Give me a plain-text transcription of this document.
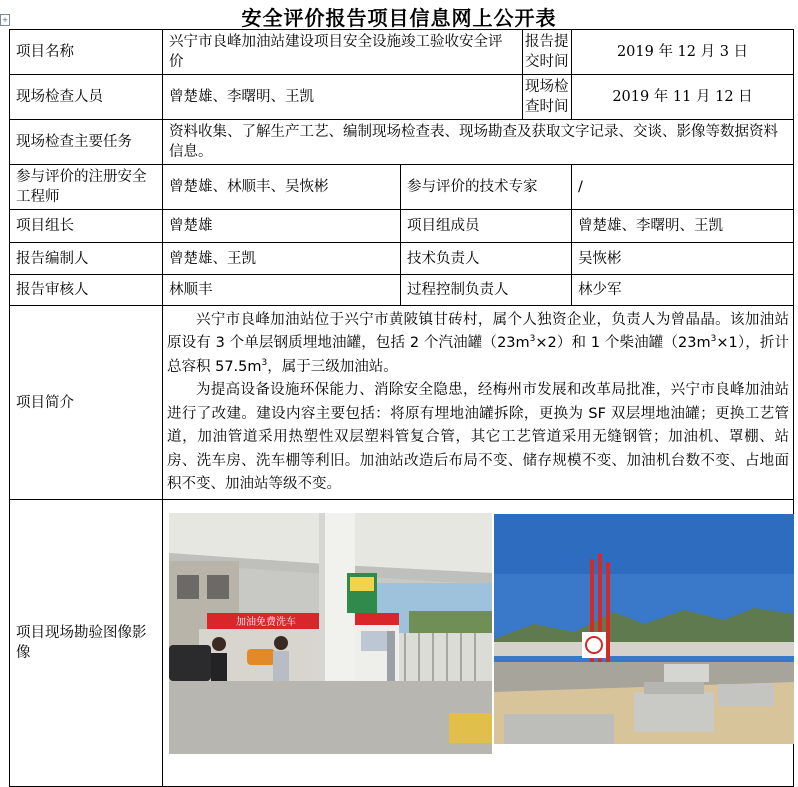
+	安全评价报告项目信息网上公开表
项目名称	兴宁市良峰加油站建设项目安全设施竣工验收安全评价		报告提交时间	2019 年 12 月 3 日
现场检查人员	曾楚雄、李曙明、王凯		现场检查时间	2019 年 11 月 12 日
现场检查主要任务	资料收集、了解生产工艺、编制现场检查表、现场勘查及获取文字记录、交谈、影像等数据资料信息。			
参与评价的注册安全工程师	曾楚雄、林顺丰、吴恢彬	参与评价的技术专家		/
项目组长	曾楚雄	项目组成员		曾楚雄、李曙明、王凯
报告编制人	曾楚雄、王凯	技术负责人		吴恢彬
报告审核人	林顺丰	过程控制负责人		林少军
项目简介	兴宁市良峰加油站位于兴宁市黄陂镇甘砖村，属个人独资企业，负责人为曾晶晶。该加油站原设有 3 个单层钢质埋地油罐，包括 2 个汽油罐$(23m^3\times 2)$和 1 个柴油罐$(23m^3\times 1)$，折计总容积 $57.5m^3$，属于三级加油站。

为提高设备设施环保能力、消除安全隐患，经梅州市发展和改革局批准，兴宁市良峰加油站进行了改建。建设内容主要包括：将原有埋地油罐拆除，更换为 SF 双层埋地油罐；更换工艺管道，加油管道采用热塑性双层塑料管复合管，其它工艺管道采用无缝钢管；加油机、罩棚、站房、洗车房、洗车棚等利旧。加油站改造后布局不变、储存规模不变、加油机台数不变、占地面积不变、加油站等级不变。			

项目现场勘验图像影像	加油免费洗车			
